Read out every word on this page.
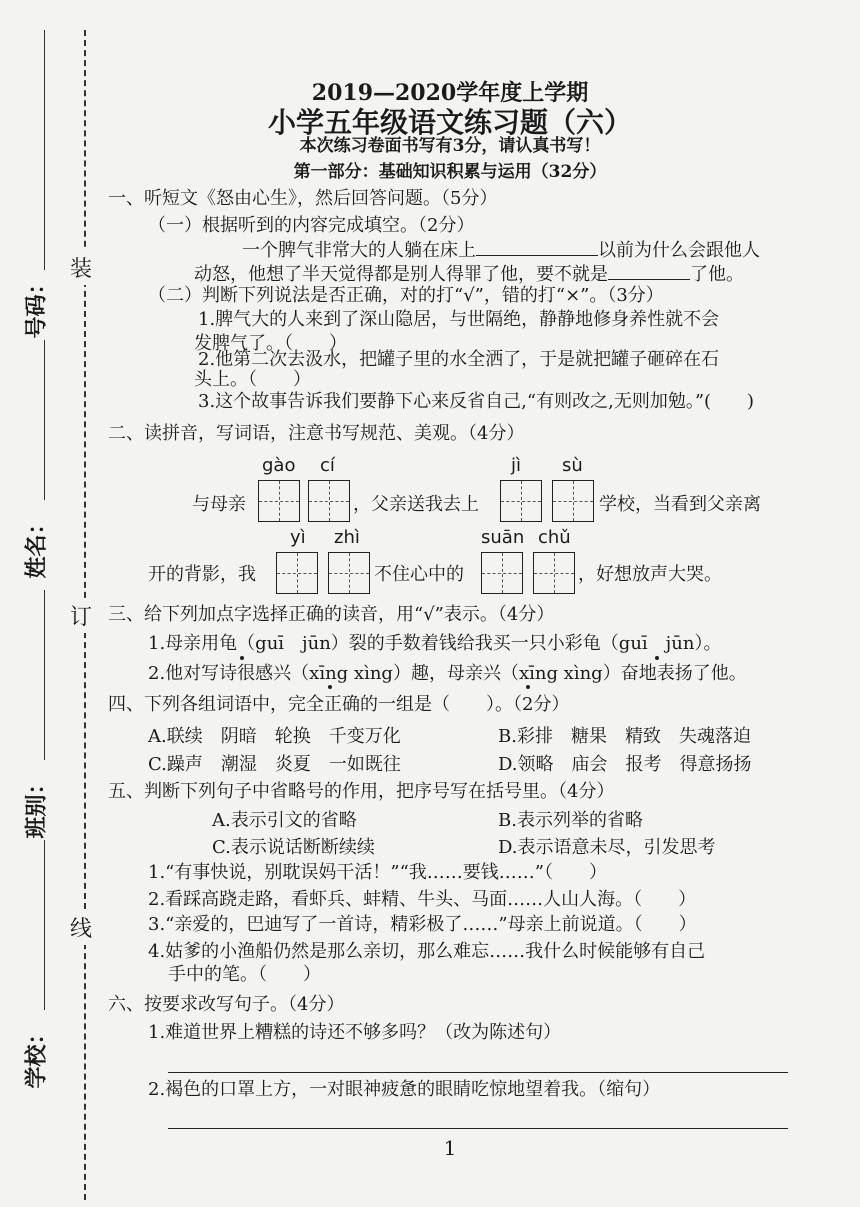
装
订
线
号码：
姓名：
班别：
学校：
2019—2020学年度上学期
小学五年级语文练习题（六）
本次练习卷面书写有3分，请认真书写！
第一部分：基础知识积累与运用（32分）
一、听短文《怒由心生》，然后回答问题。（5分）
（一）根据听到的内容完成填空。（2分）
一个脾气非常大的人躺在床上	以前为什么会跟他人
动怒，他想了半天觉得都是别人得罪了他，要不就是	了他。
（二）判断下列说法是否正确，对的打“√”，错的打“×”。（3分）
1.脾气大的人来到了深山隐居，与世隔绝，静静地修身养性就不会
发脾气了。（　　）
2.他第二次去汲水，把罐子里的水全洒了，于是就把罐子砸碎在石
头上。（　　）
3.这个故事告诉我们要静下心来反省自己,“有则改之,无则加勉。”(　　)
二、读拼音，写词语，注意书写规范、美观。（4分）
gào cí	jì sù
与母亲	，父亲送我去上	学校，当看到父亲离
yì zhì	suān chǔ
开的背影，我	不住心中的	，好想放声大哭。
三、给下列加点字选择正确的读音，用“√”表示。（4分）
1.母亲用龟（guī　jūn）裂的手数着钱给我买一只小彩龟（guī　jūn）。
2.他对写诗很感兴（xīng xìng）趣，母亲兴（xīng xìng）奋地表扬了他。
四、下列各组词语中，完全正确的一组是（　　）。（2分）
A.联续　阴暗　轮换　千变万化	B.彩排　糖果　精致　失魂落迫
C.躁声　潮湿　炎夏　一如既往	D.领略　庙会　报考　得意扬扬
五、判断下列句子中省略号的作用，把序号写在括号里。（4分）
A.表示引文的省略	B.表示列举的省略
C.表示说话断断续续	D.表示语意未尽，引发思考
1.“有事快说，别耽误妈干活！”“我……要钱……”（　　）
2.看踩高跷走路，看虾兵、蚌精、牛头、马面……人山人海。（　　）
3.“亲爱的，巴迪写了一首诗，精彩极了……”母亲上前说道。（　　）
4.姑爹的小渔船仍然是那么亲切，那么难忘……我什么时候能够有自己
手中的笔。（　　）
六、按要求改写句子。（4分）
1.难道世界上糟糕的诗还不够多吗？（改为陈述句）
2.褐色的口罩上方，一对眼神疲惫的眼睛吃惊地望着我。（缩句）
1
